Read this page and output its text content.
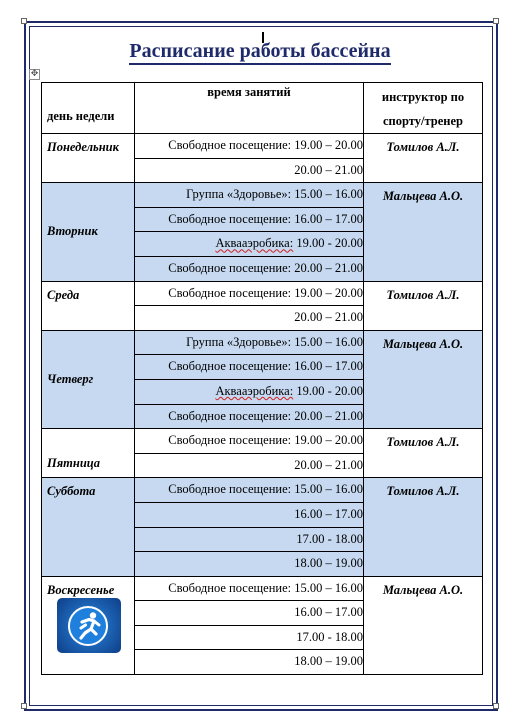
Расписание работы бассейна
✥
день недели	время занятий	инструктор по
спорту/тренер

Понедельник	Свободное посещение: 19.00 – 20.00	Томилов А.Л.

	20.00 – 21.00	

Вторник	Группа «Здоровье»: 15.00 – 16.00	Мальцева А.О.

	Свободное посещение: 16.00 – 17.00	
	Аквааэробика: 19.00 - 20.00	
	Свободное посещение: 20.00 – 21.00	

Среда	Свободное посещение: 19.00 – 20.00	Томилов А.Л.

	20.00 – 21.00	

Четверг	Группа «Здоровье»: 15.00 – 16.00	Мальцева А.О.

	Свободное посещение: 16.00 – 17.00	
	Аквааэробика: 19.00 - 20.00	
	Свободное посещение: 20.00 – 21.00	

Пятница	Свободное посещение: 19.00 – 20.00	Томилов А.Л.

	20.00 – 21.00	

Суббота	Свободное посещение: 15.00 – 16.00	Томилов А.Л.

	16.00 – 17.00	
	17.00 - 18.00	
	18.00 – 19.00	

Воскресенье	Свободное посещение: 15.00 – 16.00	Мальцева А.О.

	16.00 – 17.00	
	17.00 - 18.00	
	18.00 – 19.00	
